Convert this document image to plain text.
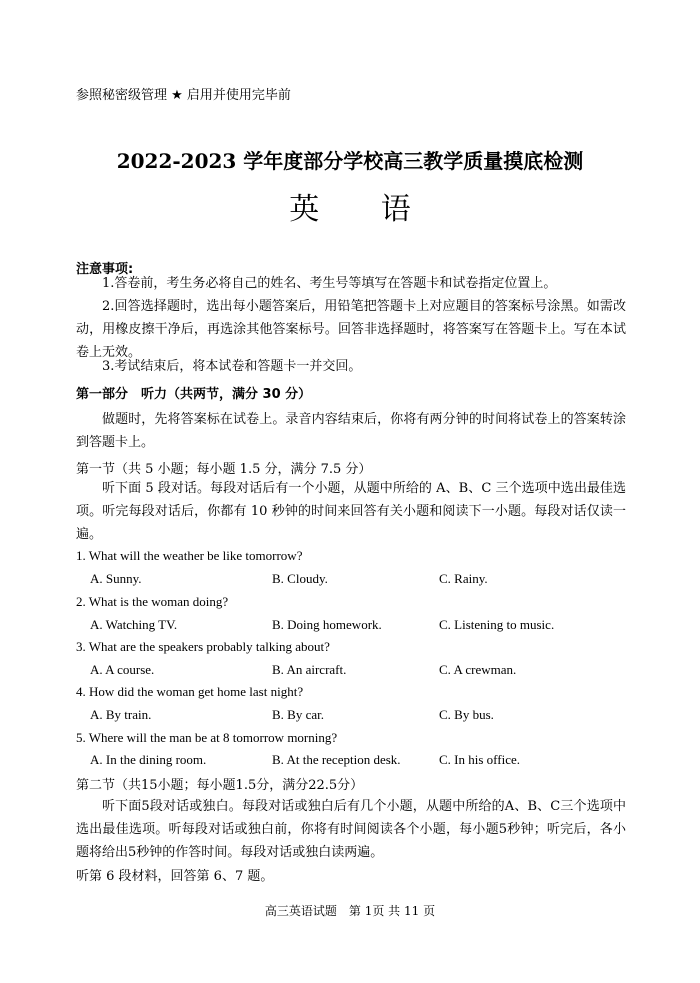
参照秘密级管理 ★ 启用并使用完毕前
2022-2023 学年度部分学校高三教学质量摸底检测
英 语
注意事项:
1.答卷前，考生务必将自己的姓名、考生号等填写在答题卡和试卷指定位置上。
2.回答选择题时，选出每小题答案后，用铅笔把答题卡上对应题目的答案标号涂黑。如需改动，用橡皮擦干净后，再选涂其他答案标号。回答非选择题时，将答案写在答题卡上。写在本试卷上无效。
3.考试结束后，将本试卷和答题卡一并交回。
第一部分　听力（共两节，满分 30 分）
做题时，先将答案标在试卷上。录音内容结束后，你将有两分钟的时间将试卷上的答案转涂到答题卡上。
第一节（共 5 小题；每小题 1.5 分，满分 7.5 分）
听下面 5 段对话。每段对话后有一个小题，从题中所给的 A、B、C 三个选项中选出最佳选项。听完每段对话后，你都有 10 秒钟的时间来回答有关小题和阅读下一小题。每段对话仅读一遍。
1. What will the weather be like tomorrow?
A. Sunny.	B. Cloudy.	C. Rainy.
2. What is the woman doing?
A. Watching TV.	B. Doing homework.	C. Listening to music.
3. What are the speakers probably talking about?
A. A course.	B. An aircraft.	C. A crewman.
4. How did the woman get home last night?
A. By train.	B. By car.	C. By bus.
5. Where will the man be at 8 tomorrow morning?
A. In the dining room.	B. At the reception desk.	C. In his office.
第二节（共15小题；每小题1.5分，满分22.5分）
听下面5段对话或独白。每段对话或独白后有几个小题，从题中所给的A、B、C三个选项中选出最佳选项。听每段对话或独白前，你将有时间阅读各个小题，每小题5秒钟；听完后，各小题将给出5秒钟的作答时间。每段对话或独白读两遍。
听第 6 段材料，回答第 6、7 题。
高三英语试题　第 1页 共 11 页
